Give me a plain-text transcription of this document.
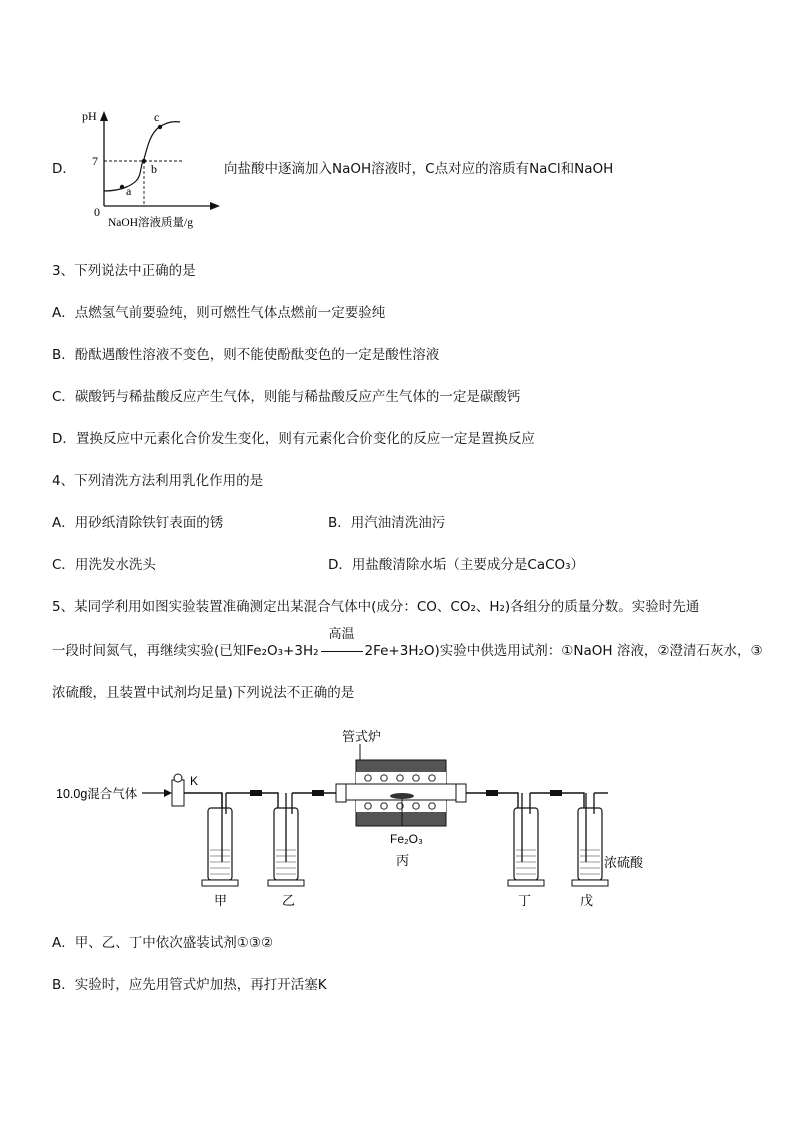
D．
pH
7
0
a
b
c
NaOH溶液质量/g
向盐酸中逐滴加入NaOH溶液时，C点对应的溶质有NaCl和NaOH
3、下列说法中正确的是
A．点燃氢气前要验纯，则可燃性气体点燃前一定要验纯
B．酚酞遇酸性溶液不变色，则不能使酚酞变色的一定是酸性溶液
C．碳酸钙与稀盐酸反应产生气体，则能与稀盐酸反应产生气体的一定是碳酸钙
D．置换反应中元素化合价发生变化，则有元素化合价变化的反应一定是置换反应
4、下列清洗方法利用乳化作用的是
A．用砂纸清除铁钉表面的锈	B．用汽油清洗油污
C．用洗发水洗头	D．用盐酸清除水垢（主要成分是CaCO₃）
5、某同学利用如图实验装置准确测定出某混合气体中(成分：CO、CO₂、H₂)各组分的质量分数。实验时先通
一段时间氮气，再继续实验(已知Fe₂O₃+3H₂
高温
2Fe+3H₂O)实验中供选用试剂：①NaOH 溶液，②澄清石灰水，③
浓硫酸，且装置中试剂均足量)下列说法不正确的是
10.0g混合气体
K
管式炉
Fe₂O₃
丙
甲	乙	丁	戊
浓硫酸
A．甲、乙、丁中依次盛装试剂①③②
B．实验时，应先用管式炉加热，再打开活塞K
